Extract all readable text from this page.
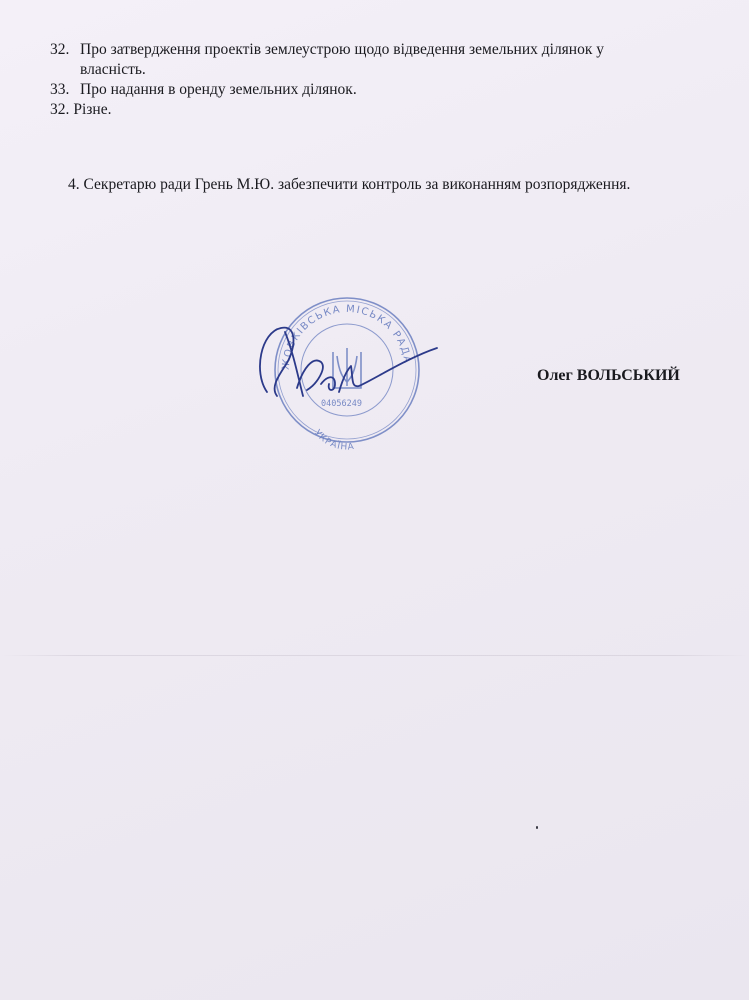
32. Про затвердження проектів землеустрою щодо відведення земельних ділянок у
власність.
33. Про надання в оренду земельних ділянок.
32. Різне.
4. Секретарю ради Грень М.Ю. забезпечити контроль за виконанням розпорядження.
ЖОВКІВСЬКА МІСЬКА РАДА
УКРАЇНА
04056249
Олег ВОЛЬСЬКИЙ
